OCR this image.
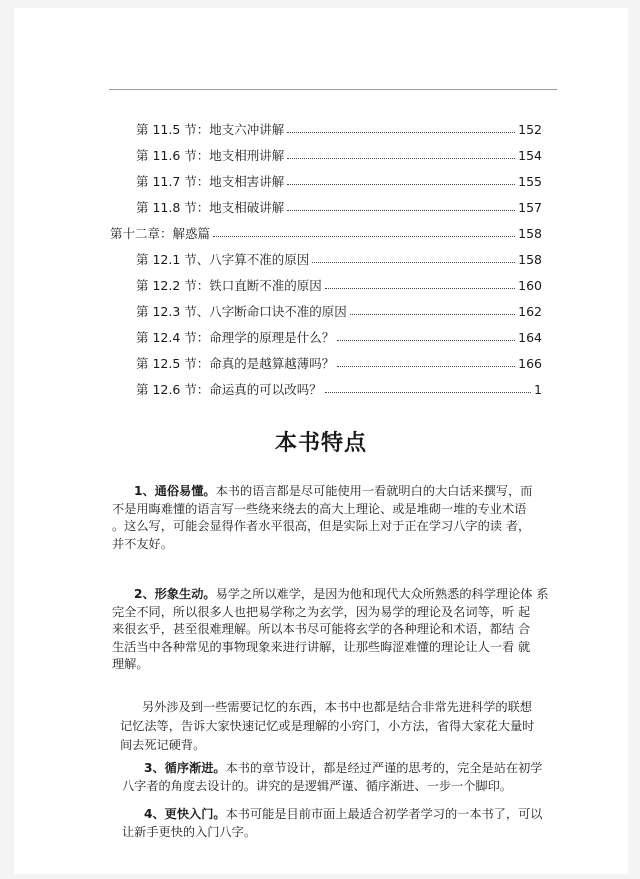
第 11.5 节：地支六冲讲解	152
第 11.6 节：地支相刑讲解	154
第 11.7 节：地支相害讲解	155
第 11.8 节：地支相破讲解	157
第十二章：解惑篇	158
第 12.1 节、八字算不准的原因	158
第 12.2 节：铁口直断不准的原因	160
第 12.3 节、八字断命口诀不准的原因	162
第 12.4 节：命理学的原理是什么？	164
第 12.5 节：命真的是越算越薄吗？	166
第 12.6 节：命运真的可以改吗？	1
本书特点
1、通俗易懂。本书的语言都是尽可能使用一看就明白的大白话来撰写，而
不是用晦难懂的语言写一些绕来绕去的高大上理论、或是堆砌一堆的专业术语
。这么写，可能会显得作者水平很高，但是实际上对于正在学习八字的读 者，
并不友好。
2、形象生动。易学之所以难学，是因为他和现代大众所熟悉的科学理论体 系
完全不同，所以很多人也把易学称之为玄学，因为易学的理论及名词等，听 起
来很玄乎，甚至很难理解。所以本书尽可能将玄学的各种理论和术语，都结 合
生活当中各种常见的事物现象来进行讲解，让那些晦涩难懂的理论让人一看 就
理解。
另外涉及到一些需要记忆的东西，本书中也都是结合非常先进科学的联想
记忆法等，告诉大家快速记忆或是理解的小窍门，小方法，省得大家花大量时
间去死记硬背。
3、循序渐进。本书的章节设计，都是经过严谨的思考的，完全是站在初学
八字者的角度去设计的。讲究的是逻辑严谨、循序渐进、一步一个脚印。
4、更快入门。本书可能是目前市面上最适合初学者学习的一本书了，可以
让新手更快的入门八字。
